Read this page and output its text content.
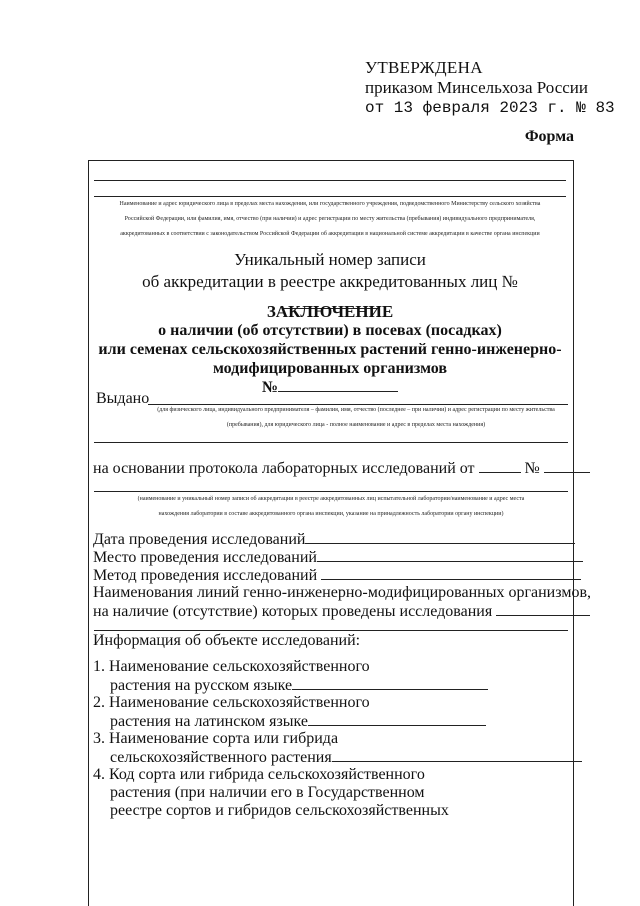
УТВЕРЖДЕНА
приказом Минсельхоза России
от 13 февраля 2023 г. № 83
Форма
Наименование и адрес юридического лица в пределах места нахождения, или государственного учреждения, подведомственного Министерству сельского хозяйства
Российской Федерации, или фамилия, имя, отчество (при наличии) и адрес регистрации по месту жительства (пребывания) индивидуального предпринимателя,
аккредитованных в соответствии с законодательством Российской Федерации об аккредитации в национальной системе аккредитации в качестве органа инспекции
Уникальный номер записи
об аккредитации в реестре аккредитованных лиц №
ЗАКЛЮЧЕНИЕ
о наличии (об отсутствии) в посевах (посадках)
или семенах сельскохозяйственных растений генно-инженерно-
модифицированных организмов
№
Выдано
(для физического лица, индивидуального предпринимателя – фамилия, имя, отчество (последнее – при наличии) и адрес регистрации по месту жительства
(пребывания), для юридического лица - полное наименование и адрес в пределах места нахождения)
на основании протокола лабораторных исследований от	№
(наименование и уникальный номер записи об аккредитации в реестре аккредитованных лиц испытательной лаборатории/наименование и адрес места
нахождения лаборатории в составе аккредитованного органа инспекции, указание на принадлежность лаборатории органу инспекции)
Дата проведения исследований
Место проведения исследований
Метод проведения исследований
Наименования линий генно-инженерно-модифицированных организмов,
на наличие (отсутствие) которых проведены исследования
Информация об объекте исследований:
1. Наименование сельскохозяйственного
растения на русском языке
2. Наименование сельскохозяйственного
растения на латинском языке
3. Наименование сорта или гибрида
сельскохозяйственного растения
4. Код сорта или гибрида сельскохозяйственного
растения (при наличии его в Государственном
реестре сортов и гибридов сельскохозяйственных
